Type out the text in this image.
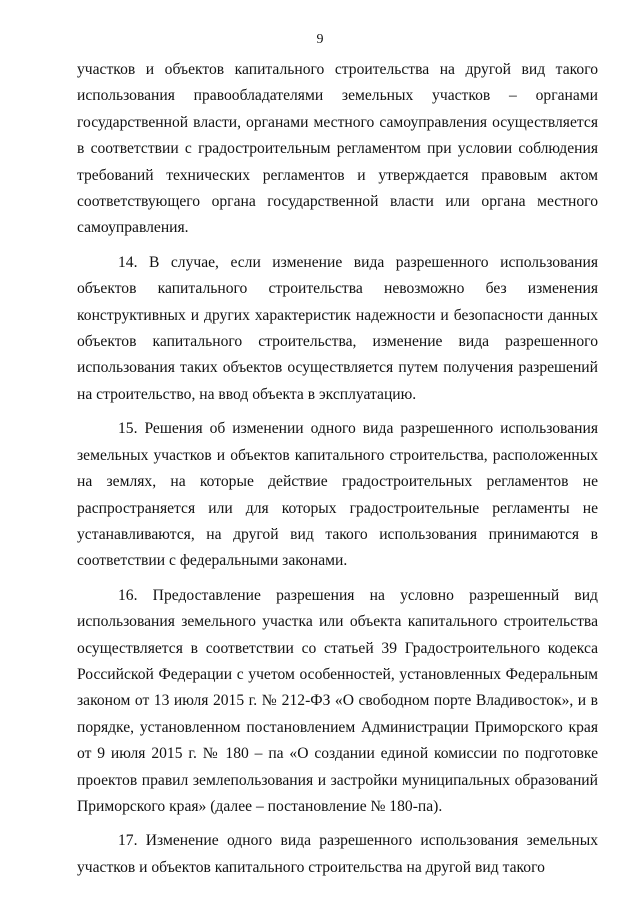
9

участков и объектов капитального строительства на другой вид такого использования правообладателями земельных участков – органами государственной власти, органами местного самоуправления осуществляется в соответствии с градостроительным регламентом при условии соблюдения требований технических регламентов и утверждается правовым актом соответствующего органа государственной власти или органа местного самоуправления.

14. В случае, если изменение вида разрешенного использования объектов капитального строительства невозможно без изменения конструктивных и других характеристик надежности и безопасности данных объектов капитального строительства, изменение вида разрешенного использования таких объектов осуществляется путем получения разрешений на строительство, на ввод объекта в эксплуатацию.

15. Решения об изменении одного вида разрешенного использования земельных участков и объектов капитального строительства, расположенных на землях, на которые действие градостроительных регламентов не распространяется или для которых градостроительные регламенты не устанавливаются, на другой вид такого использования принимаются в соответствии с федеральными законами.

16. Предоставление разрешения на условно разрешенный вид использования земельного участка или объекта капитального строительства осуществляется в соответствии со статьей 39 Градостроительного кодекса Российской Федерации с учетом особенностей, установленных Федеральным законом от 13 июля 2015 г. № 212-ФЗ «О свободном порте Владивосток», и в порядке, установленном постановлением Администрации Приморского края от 9 июля 2015 г. № 180 – па «О создании единой комиссии по подготовке проектов правил землепользования и застройки муниципальных образований Приморского края» (далее – постановление № 180-па).

17. Изменение одного вида разрешенного использования земельных участков и объектов капитального строительства на другой вид такого
